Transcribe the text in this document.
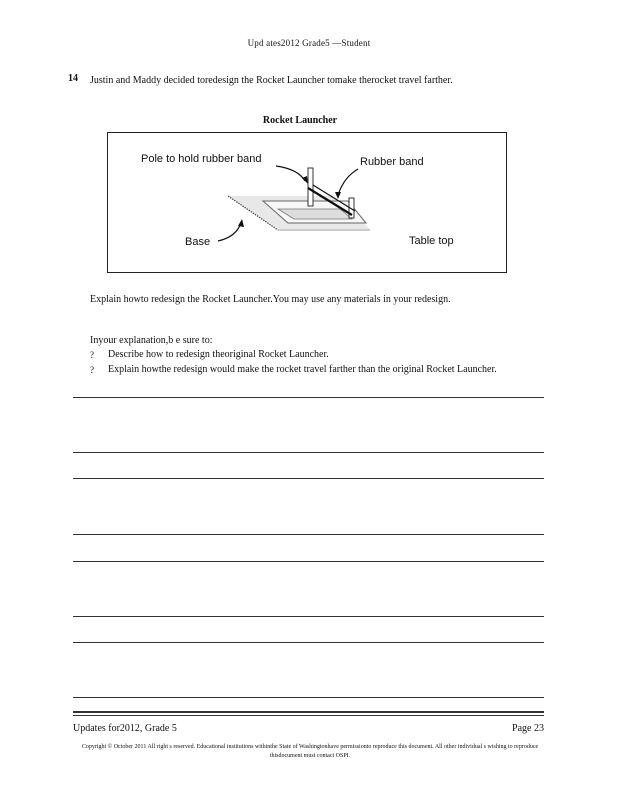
Upd ates2012 Grade5 —Student
14 Justin and Maddy decided toredesign the Rocket Launcher tomake therocket travel farther.
Rocket Launcher
Pole to hold rubber band	Rubber band
Base	Table top
Explain howto redesign the Rocket Launcher.You may use any materials in your redesign.
Inyour explanation,b e sure to:
? Describe how to redesign theoriginal Rocket Launcher.
? Explain howthe redesign would make the rocket travel farther than the original Rocket Launcher.
Updates for2012, Grade 5	Page 23
Copyright © October 2011 All right s reserved. Educational institutions withinthe State of Washingtonhave permissionto reproduce this document. All other individual s wishing to reproduce thisdocument must contact OSPI.
